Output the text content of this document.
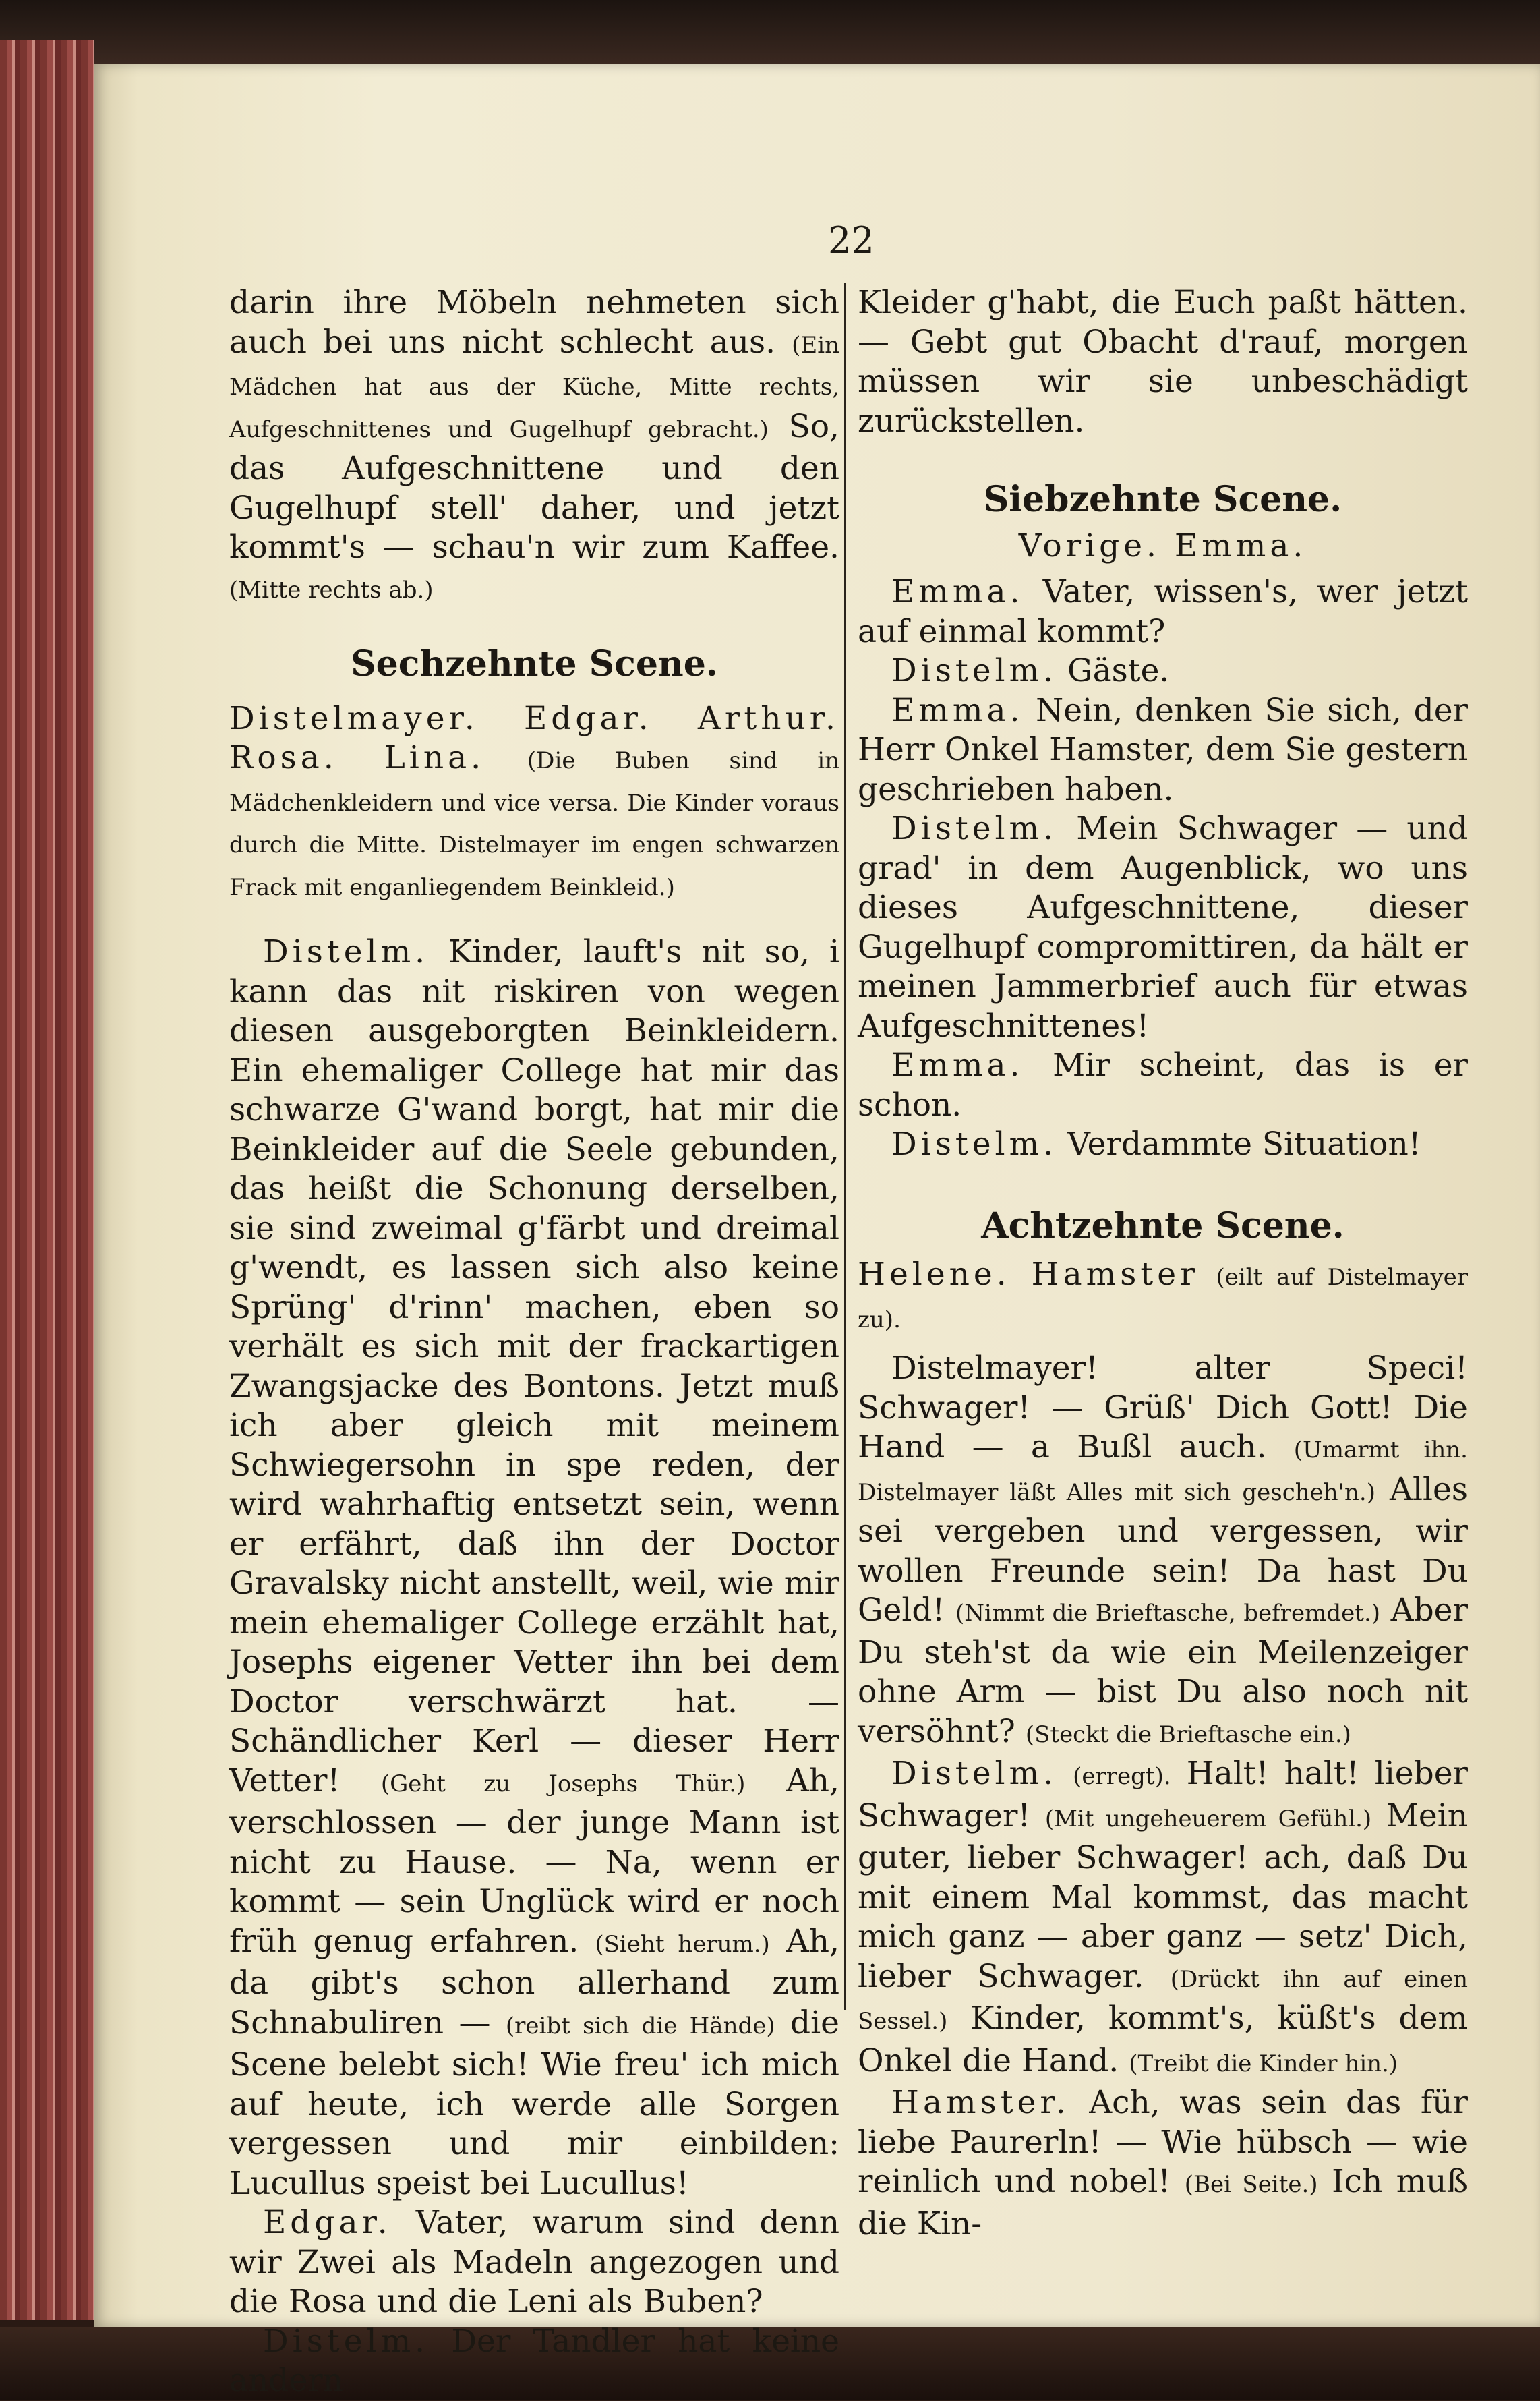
22

darin ihre Möbeln nehmeten sich auch bei uns nicht schlecht aus. (Ein Mädchen hat aus der Küche, Mitte rechts, Aufgeschnittenes und Gugelhupf gebracht.) So, das Aufgeschnittene und den Gugelhupf stell' daher, und jetzt kommt's — schau'n wir zum Kaffee. (Mitte rechts ab.)

Sechzehnte Scene.

Distelmayer. Edgar. Arthur. Rosa. Lina. (Die Buben sind in Mädchenkleidern und vice versa. Die Kinder voraus durch die Mitte. Distelmayer im engen schwarzen Frack mit enganliegendem Beinkleid.)

Distelm. Kinder, lauft's nit so, i kann das nit riskiren von wegen diesen ausgeborgten Beinkleidern. Ein ehemaliger College hat mir das schwarze G'wand borgt, hat mir die Beinkleider auf die Seele gebunden, das heißt die Schonung derselben, sie sind zweimal g'färbt und dreimal g'wendt, es lassen sich also keine Sprüng' d'rinn' machen, eben so verhält es sich mit der frackartigen Zwangsjacke des Bontons. Jetzt muß ich aber gleich mit meinem Schwiegersohn in spe reden, der wird wahrhaftig entsetzt sein, wenn er erfährt, daß ihn der Doctor Gravalsky nicht anstellt, weil, wie mir mein ehemaliger College erzählt hat, Josephs eigener Vetter ihn bei dem Doctor verschwärzt hat. — Schändlicher Kerl — dieser Herr Vetter! (Geht zu Josephs Thür.) Ah, verschlossen — der junge Mann ist nicht zu Hause. — Na, wenn er kommt — sein Unglück wird er noch früh genug erfahren. (Sieht herum.) Ah, da gibt's schon allerhand zum Schnabuliren — (reibt sich die Hände) die Scene belebt sich! Wie freu' ich mich auf heute, ich werde alle Sorgen vergessen und mir einbilden: Lucullus speist bei Lucullus!

Edgar. Vater, warum sind denn wir Zwei als Madeln angezogen und die Rosa und die Leni als Buben?

Distelm. Der Tandler hat keine andern

Kleider g'habt, die Euch paßt hätten. — Gebt gut Obacht d'rauf, morgen müssen wir sie unbeschädigt zurückstellen.

Siebzehnte Scene.

Vorige. Emma.

Emma. Vater, wissen's, wer jetzt auf einmal kommt?

Distelm. Gäste.

Emma. Nein, denken Sie sich, der Herr Onkel Hamster, dem Sie gestern geschrieben haben.

Distelm. Mein Schwager — und grad' in dem Augenblick, wo uns dieses Aufgeschnittene, dieser Gugelhupf compromittiren, da hält er meinen Jammerbrief auch für etwas Aufgeschnittenes!

Emma. Mir scheint, das is er schon.

Distelm. Verdammte Situation!

Achtzehnte Scene.

Helene. Hamster (eilt auf Distelmayer zu).

Distelmayer! alter Speci! Schwager! — Grüß' Dich Gott! Die Hand — a Bußl auch. (Umarmt ihn. Distelmayer läßt Alles mit sich gescheh'n.) Alles sei vergeben und vergessen, wir wollen Freunde sein! Da hast Du Geld! (Nimmt die Brieftasche, befremdet.) Aber Du steh'st da wie ein Meilenzeiger ohne Arm — bist Du also noch nit versöhnt? (Steckt die Brieftasche ein.)

Distelm. (erregt). Halt! halt! lieber Schwager! (Mit ungeheuerem Gefühl.) Mein guter, lieber Schwager! ach, daß Du mit einem Mal kommst, das macht mich ganz — aber ganz — setz' Dich, lieber Schwager. (Drückt ihn auf einen Sessel.) Kinder, kommt's, küßt's dem Onkel die Hand. (Treibt die Kinder hin.)

Hamster. Ach, was sein das für liebe Paurerln! — Wie hübsch — wie reinlich und nobel! (Bei Seite.) Ich muß die Kin-
